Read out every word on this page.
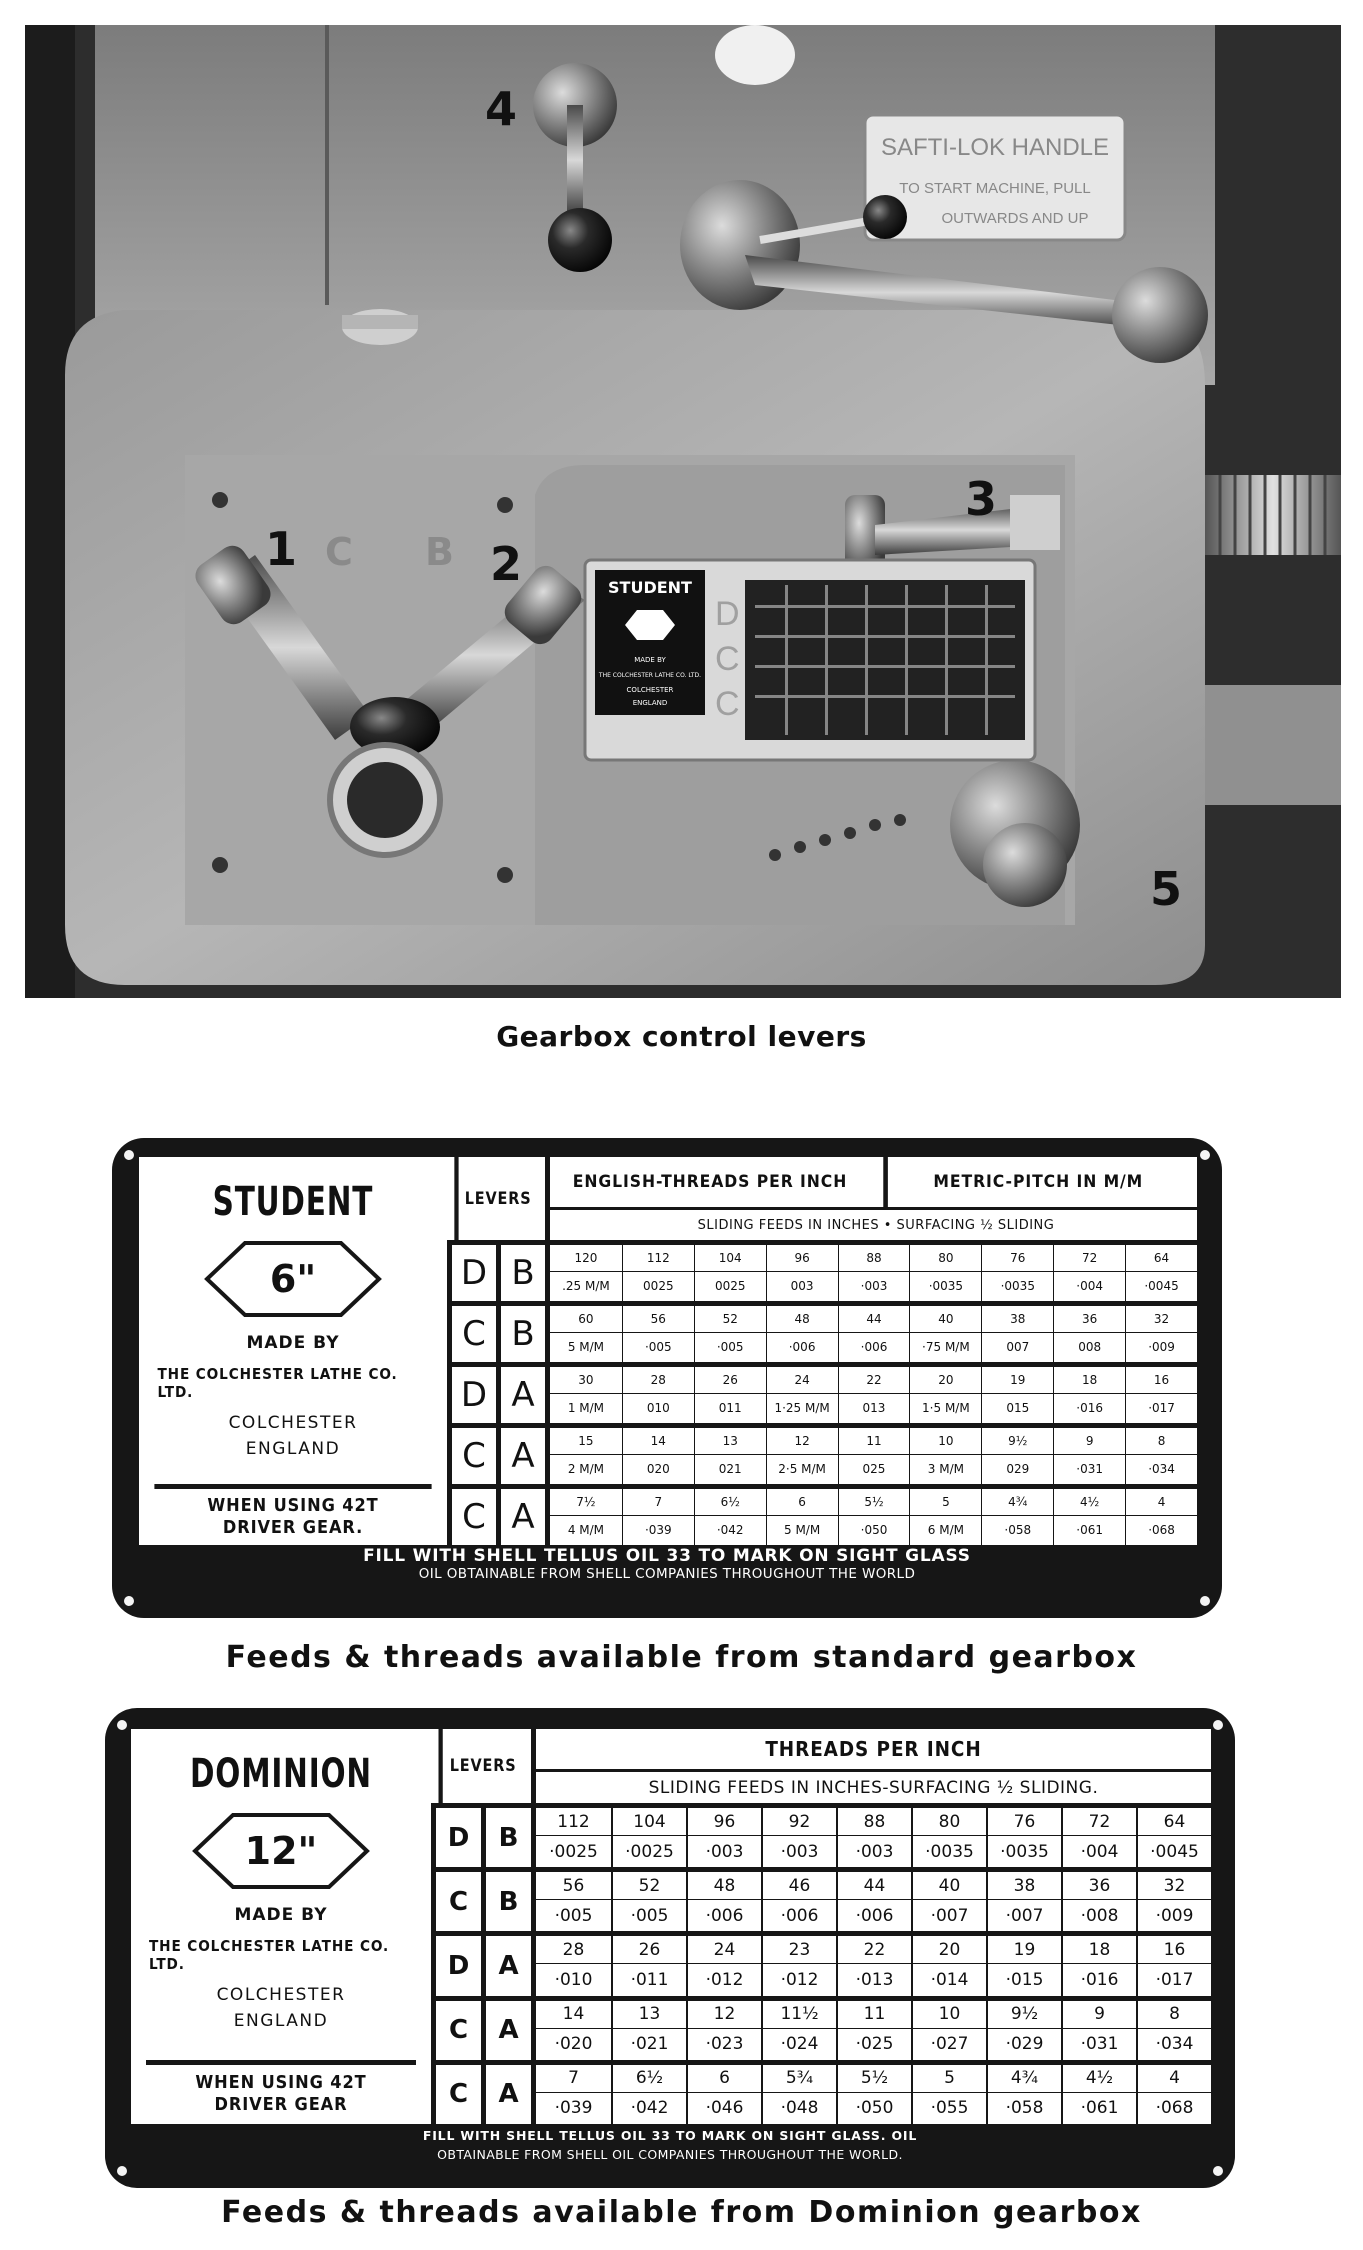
SAFTI-LOK HANDLE
TO START MACHINE, PULL
OUTWARDS AND UP
STUDENT
MADE BY
THE COLCHESTER LATHE CO. LTD.
COLCHESTER
ENGLAND
D
C
C
4
1	2
3
5
C B
Gearbox control levers
STUDENT
6"
MADE BY
THE COLCHESTER LATHE CO. LTD.
COLCHESTER
ENGLAND
WHEN USING 42T
DRIVER GEAR.
LEVERS
ENGLISH-THREADS PER INCH	METRIC-PITCH IN M/M
SLIDING FEEDS IN INCHES • SURFACING ½ SLIDING
D B	120	112	104	96	88	80	76	72	64
.25 M/M	0025	0025	003	·003	·0035	·0035	·004	·0045
C B	60	56	52	48	44	40	38	36	32
5 M/M	·005	·005	·006	·006	·75 M/M	007	008	·009
D A	30	28	26	24	22	20	19	18	16
1 M/M	010	011	1·25 M/M	013	1·5 M/M	015	·016	·017
C A	15	14	13	12	11	10	9½	9	8
2 M/M	020	021	2·5 M/M	025	3 M/M	029	·031	·034
C A	7½	7	6½	6	5½	5	4¾	4½	4
4 M/M	·039	·042	5 M/M	·050	6 M/M	·058	·061	·068
FILL WITH SHELL TELLUS OIL 33 TO MARK ON SIGHT GLASS
OIL OBTAINABLE FROM SHELL COMPANIES THROUGHOUT THE WORLD
Feeds & threads available from standard gearbox
DOMINION
12"
MADE BY
THE COLCHESTER LATHE CO. LTD.
COLCHESTER
ENGLAND
WHEN USING 42T
DRIVER GEAR
LEVERS
THREADS PER INCH
SLIDING FEEDS IN INCHES-SURFACING ½ SLIDING.
D	B
112	104	96	92	88	80	76	72	64
·0025	·0025	·003	·003	·003	·0035	·0035	·004	·0045
C	B
56	52	48	46	44	40	38	36	32
·005	·005	·006	·006	·006	·007	·007	·008	·009
D	A
28	26	24	23	22	20	19	18	16
·010	·011	·012	·012	·013	·014	·015	·016	·017
C	A
14	13	12	11½	11	10	9½	9	8
·020	·021	·023	·024	·025	·027	·029	·031	·034
C	A
7	6½	6	5¾	5½	5	4¾	4½	4
·039	·042	·046	·048	·050	·055	·058	·061	·068
FILL WITH SHELL TELLUS OIL 33 TO MARK ON SIGHT GLASS. OIL
OBTAINABLE FROM SHELL OIL COMPANIES THROUGHOUT THE WORLD.
Feeds & threads available from Dominion gearbox
